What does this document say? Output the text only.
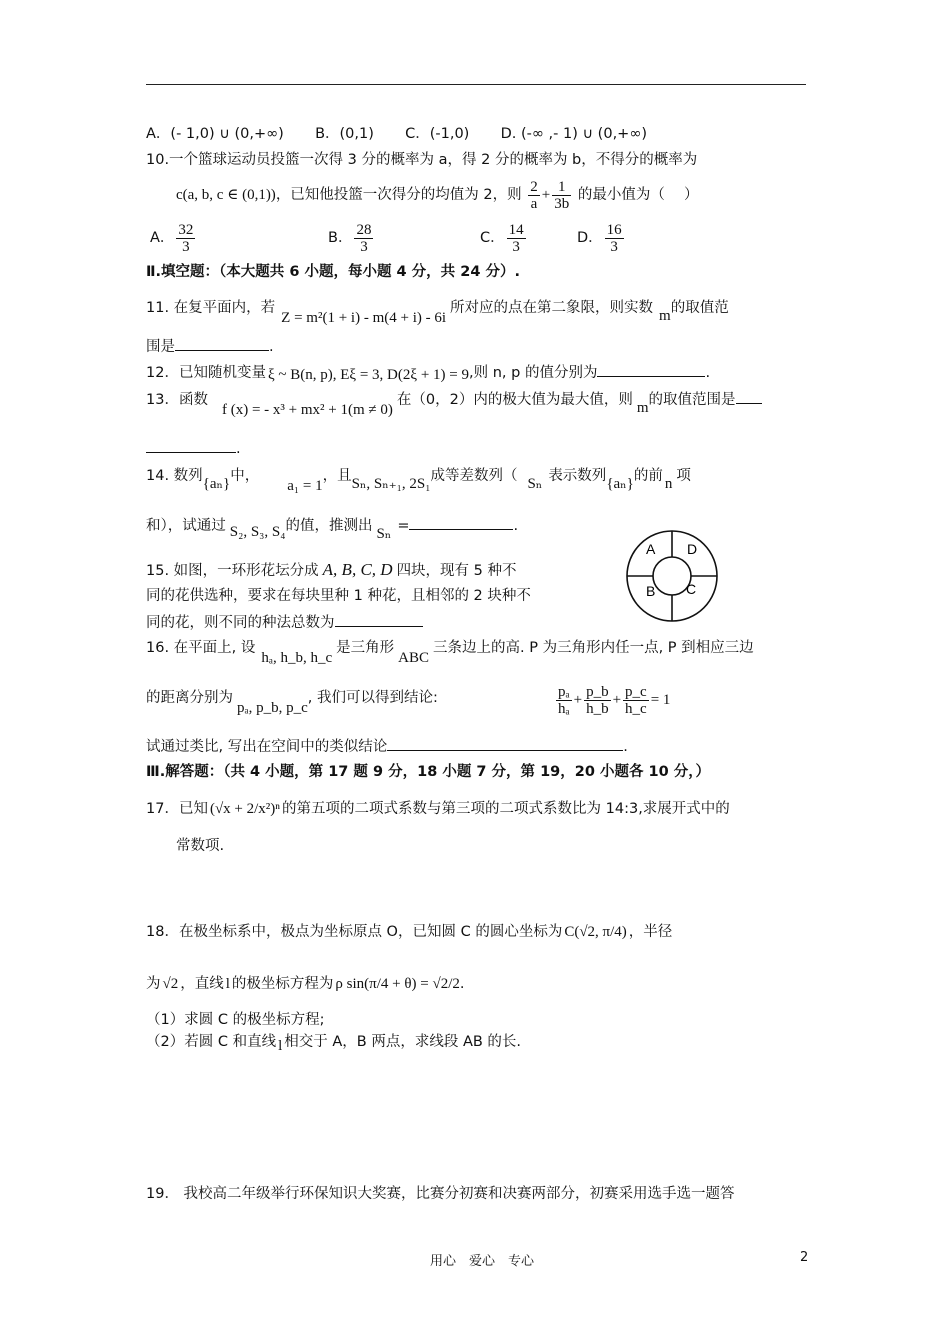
A．(- 1,0) ∪ (0,+∞) B．(0,1) C．(-1,0) D. (-∞ ,- 1) ∪ (0,+∞)
10.一个篮球运动员投篮一次得 3 分的概率为 a，得 2 分的概率为 b，不得分的概率为
c(a, b, c ∈ (0,1))，已知他投篮一次得分的均值为 2，则 $\frac{2}{a} + \frac{1}{3b}$ 的最小值为（　 ）
A． $\frac{32}{3}$	B． $\frac{28}{3}$	C． $\frac{14}{3}$	D． $\frac{16}{3}$
Ⅱ.填空题：（本大题共 6 小题，每小题 4 分，共 24 分）.
11. 在复平面内，若Z = m²(1 + i) - m(4 + i) - 6i所对应的点在第二象限，则实数 m的取值范
围是	.
12．已知随机变量 ξ ~ B(n, p), Eξ = 3, D(2ξ + 1) = 9,则 n, p 的值分别为	.
13．函数f (x) = - x³ + mx² + 1(m ≠ 0)在（0，2）内的极大值为最大值，则 m的取值范围是
.
14. 数列{aₙ}中，a₁ = 1，且Sₙ, Sₙ₊₁, 2S₁成等差数列（ Sₙ 表示数列{aₙ}的前 n 项
和），试通过 S₂, S₃, S₄的值，推测出 Sₙ =	.
15. 如图，一环形花坛分成 A, B, C, D 四块，现有 5 种不
同的花供选种，要求在每块里种 1 种花，且相邻的 2 块种不
同的花，则不同的种法总数为
A D
B C
16. 在平面上, 设hₐ, h_b, h_c是三角形ABC三条边上的高. P 为三角形内任一点, P 到相应三边
的距离分别为pₐ, p_b, p_c, 我们可以得到结论:	$\frac{\text{pₐ}}{\text{hₐ}} + \frac{p\_b}{h\_b} + \frac{p\_c}{h\_c} = 1$
试通过类比, 写出在空间中的类似结论	.
Ⅲ.解答题：（共 4 小题，第 17 题 9 分，18 小题 7 分，第 19，20 小题各 10 分，）
17．已知 (√x + 2/x²)ⁿ 的第五项的二项式系数与第三项的二项式系数比为 14:3,求展开式中的
常数项.
18．在极坐标系中，极点为坐标原点 O，已知圆 C 的圆心坐标为 C(√2, π/4) ，半径
为 √2 ，直线 l 的极坐标方程为 ρ sin(π/4 + θ) = √2/2.
（1）求圆 C 的极坐标方程;
（2）若圆 C 和直线 l 相交于 A，B 两点，求线段 AB 的长.
19． 我校高二年级举行环保知识大奖赛，比赛分初赛和决赛两部分，初赛采用选手选一题答
用心　爱心　专心	2
